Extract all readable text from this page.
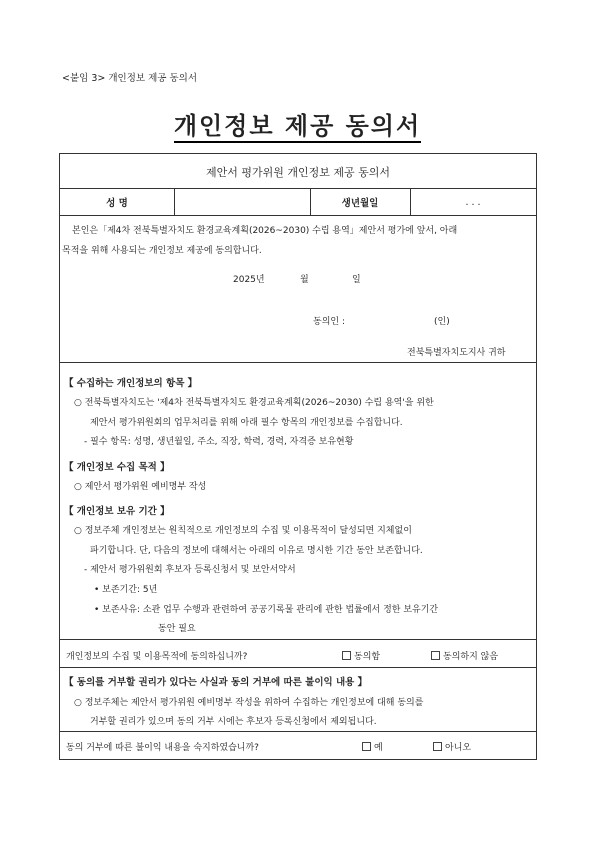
<붙임 3> 개인정보 제공 동의서
개인정보 제공 동의서
제안서 평가위원 개인정보 제공 동의서
성 명	생년월일	. . .
본인은「제4차 전북특별자치도 환경교육계획(2026~2030) 수립 용역」제안서 평가에 앞서, 아래
목적을 위해 사용되는 개인정보 제공에 동의합니다.
2025년	월	일
동의인 :	(인)
전북특별자치도지사 귀하
【 수집하는 개인정보의 항목 】
○ 전북특별자치도는 '제4차 전북특별자치도 환경교육계획(2026~2030) 수립 용역'을 위한
제안서 평가위원회의 업무처리를 위해 아래 필수 항목의 개인정보를 수집합니다.
- 필수 항목: 성명, 생년월일, 주소, 직장, 학력, 경력, 자격증 보유현황
【 개인정보 수집 목적 】
○ 제안서 평가위원 예비명부 작성
【 개인정보 보유 기간 】
○ 정보주체 개인정보는 원칙적으로 개인정보의 수집 및 이용목적이 달성되면 지체없이
파기합니다. 단, 다음의 정보에 대해서는 아래의 이유로 명시한 기간 동안 보존합니다.
- 제안서 평가위원회 후보자 등록신청서 및 보안서약서
• 보존기간: 5년
• 보존사유: 소관 업무 수행과 관련하여 공공기록물 관리에 관한 법률에서 정한 보유기간
동안 필요
개인정보의 수집 및 이용목적에 동의하십니까?	동의함	동의하지 않음
【 동의를 거부할 권리가 있다는 사실과 동의 거부에 따른 불이익 내용 】
○ 정보주체는 제안서 평가위원 예비명부 작성을 위하여 수집하는 개인정보에 대해 동의를
거부할 권리가 있으며 동의 거부 시에는 후보자 등록신청에서 제외됩니다.
동의 거부에 따른 불이익 내용을 숙지하였습니까?	예	아니오
